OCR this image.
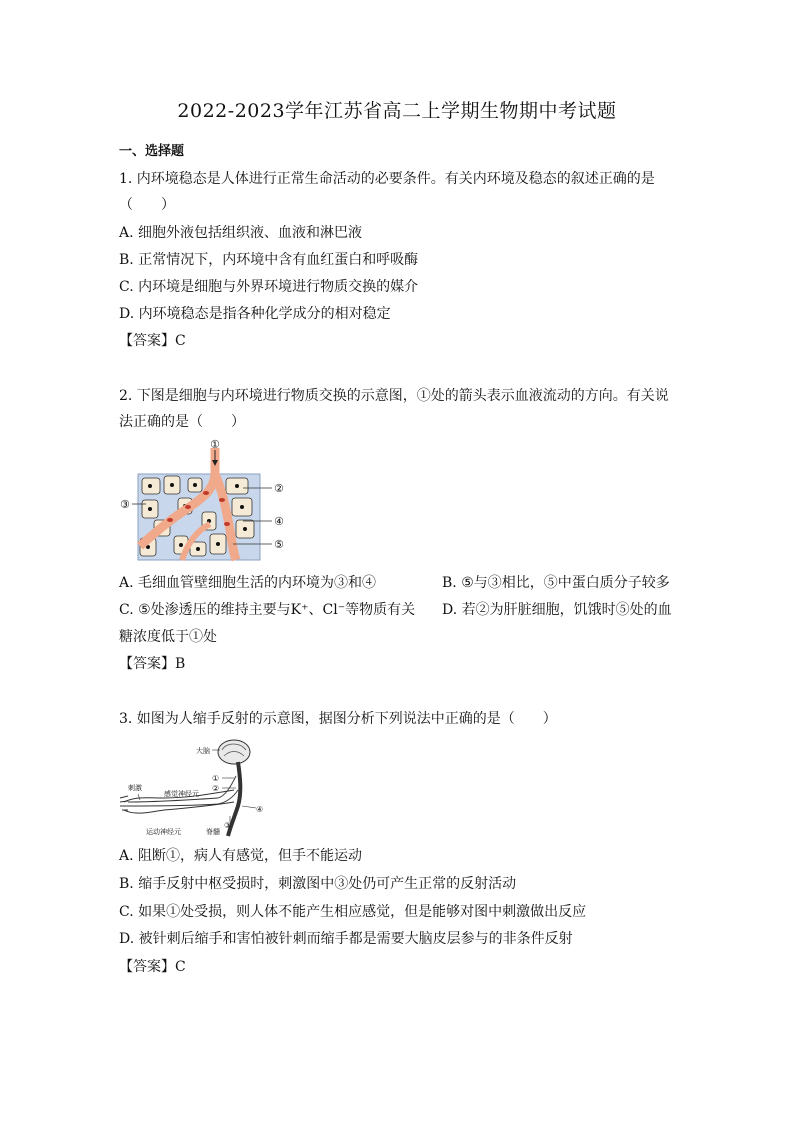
2022-2023学年江苏省高二上学期生物期中考试题
一、选择题
1. 内环境稳态是人体进行正常生命活动的必要条件。有关内环境及稳态的叙述正确的是
（　　）
A. 细胞外液包括组织液、血液和淋巴液
B. 正常情况下，内环境中含有血红蛋白和呼吸酶
C. 内环境是细胞与外界环境进行物质交换的媒介
D. 内环境稳态是指各种化学成分的相对稳定
【答案】C
2. 下图是细胞与内环境进行物质交换的示意图，①处的箭头表示血液流动的方向。有关说
法正确的是（　　）
①
②
③
④
⑤
A. 毛细血管壁细胞生活的内环境为③和④	B. ⑤与③相比，⑤中蛋白质分子较多
C. ⑤处渗透压的维持主要与K⁺、Cl⁻等物质有关 D. 若②为肝脏细胞，饥饿时⑤处的血
糖浓度低于①处
【答案】B
3. 如图为人缩手反射的示意图，据图分析下列说法中正确的是（　　）
大脑
刺激
感觉神经元
运动神经元	脊髓
①
②
③
④
A. 阻断①，病人有感觉，但手不能运动
B. 缩手反射中枢受损时，刺激图中③处仍可产生正常的反射活动
C. 如果①处受损，则人体不能产生相应感觉，但是能够对图中刺激做出反应
D. 被针刺后缩手和害怕被针刺而缩手都是需要大脑皮层参与的非条件反射
【答案】C
